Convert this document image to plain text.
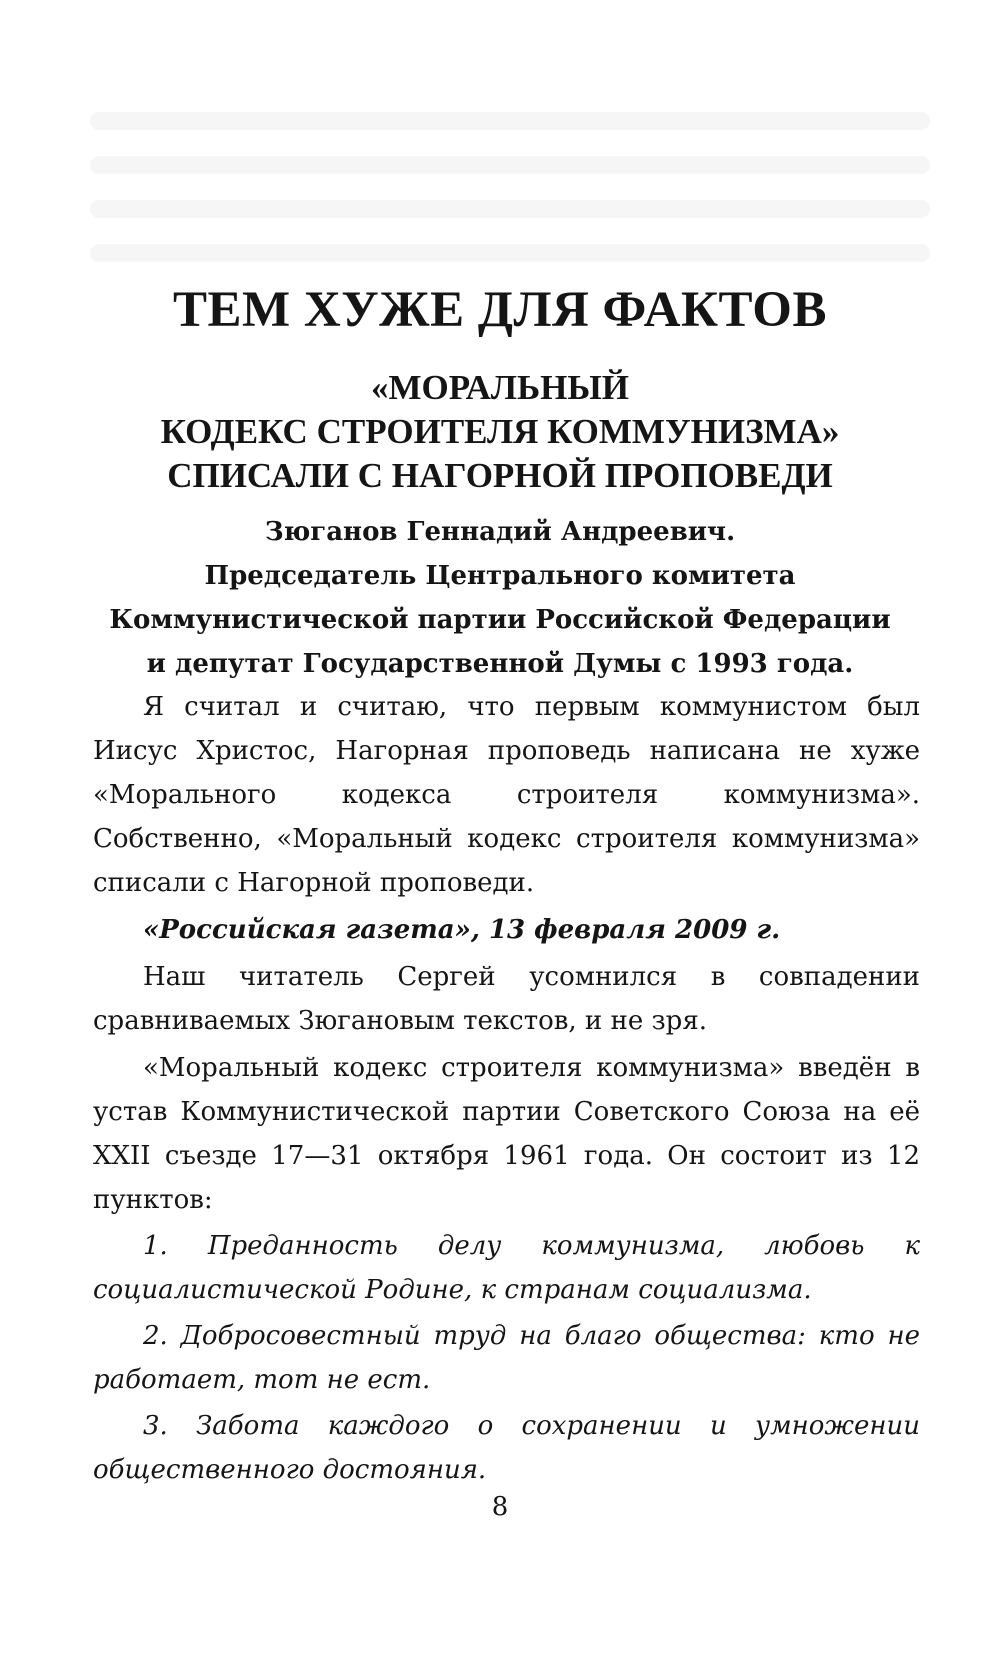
ТЕМ ХУЖЕ ДЛЯ ФАКТОВ
«МОРАЛЬНЫЙ
КОДЕКС СТРОИТЕЛЯ КОММУНИЗМА»
СПИСАЛИ С НАГОРНОЙ ПРОПОВЕДИ
Зюганов Геннадий Андреевич.
Председатель Центрального комитета
Коммунистической партии Российской Федерации
и депутат Государственной Думы с 1993 года.

Я считал и считаю, что первым коммунистом был Иисус Христос, Нагорная проповедь написана не хуже «Морального кодекса строителя коммунизма». Собственно, «Моральный кодекс строителя коммунизма» списали с Нагорной проповеди.

«Российская газета», 13 февраля 2009 г.

Наш читатель Сергей усомнился в совпадении сравниваемых Зюгановым текстов, и не зря.

«Моральный кодекс строителя коммунизма» введён в устав Коммунистической партии Советского Союза на её XXII съезде 17—31 октября 1961 года. Он состоит из 12 пунктов:

1. Преданность делу коммунизма, любовь к социалистической Родине, к странам социализма.

2. Добросовестный труд на благо общества: кто не работает, тот не ест.

3. Забота каждого о сохранении и умножении общественного достояния.

8
